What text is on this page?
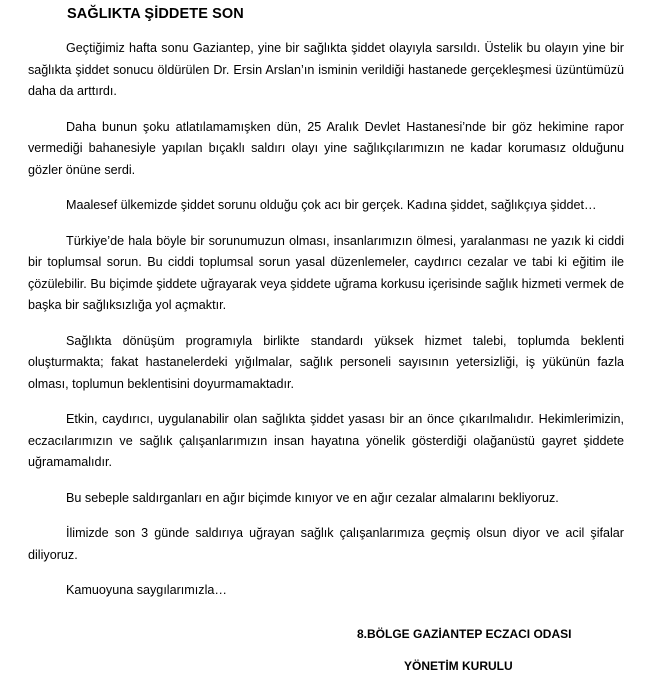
SAĞLIKTA ŞİDDETE SON

Geçtiğimiz hafta sonu Gaziantep, yine bir sağlıkta şiddet olayıyla sarsıldı. Üstelik bu olayın yine bir sağlıkta şiddet sonucu öldürülen Dr. Ersin Arslan’ın isminin verildiği hastanede gerçekleşmesi üzüntümüzü daha da arttırdı.

Daha bunun şoku atlatılamamışken dün, 25 Aralık Devlet Hastanesi’nde bir göz hekimine rapor vermediği bahanesiyle yapılan bıçaklı saldırı olayı yine sağlıkçılarımızın ne kadar korumasız olduğunu gözler önüne serdi.

Maalesef ülkemizde şiddet sorunu olduğu çok acı bir gerçek. Kadına şiddet, sağlıkçıya şiddet…

Türkiye’de hala böyle bir sorunumuzun olması, insanlarımızın ölmesi, yaralanması ne yazık ki ciddi bir toplumsal sorun. Bu ciddi toplumsal sorun yasal düzenlemeler, caydırıcı cezalar ve tabi ki eğitim ile çözülebilir. Bu biçimde şiddete uğrayarak veya şiddete uğrama korkusu içerisinde sağlık hizmeti vermek de başka bir sağlıksızlığa yol açmaktır.

Sağlıkta dönüşüm programıyla birlikte standardı yüksek hizmet talebi, toplumda beklenti oluşturmakta; fakat hastanelerdeki yığılmalar, sağlık personeli sayısının yetersizliği, iş yükünün fazla olması, toplumun beklentisini doyurmamaktadır.

Etkin, caydırıcı, uygulanabilir olan sağlıkta şiddet yasası bir an önce çıkarılmalıdır. Hekimlerimizin, eczacılarımızın ve sağlık çalışanlarımızın insan hayatına yönelik gösterdiği olağanüstü gayret şiddete uğramamalıdır.

Bu sebeple saldırganları en ağır biçimde kınıyor ve en ağır cezalar almalarını bekliyoruz.

İlimizde son 3 günde saldırıya uğrayan sağlık çalışanlarımıza geçmiş olsun diyor ve acil şifalar diliyoruz.

Kamuoyuna saygılarımızla…

8.BÖLGE GAZİANTEP ECZACI ODASI
YÖNETİM KURULU
